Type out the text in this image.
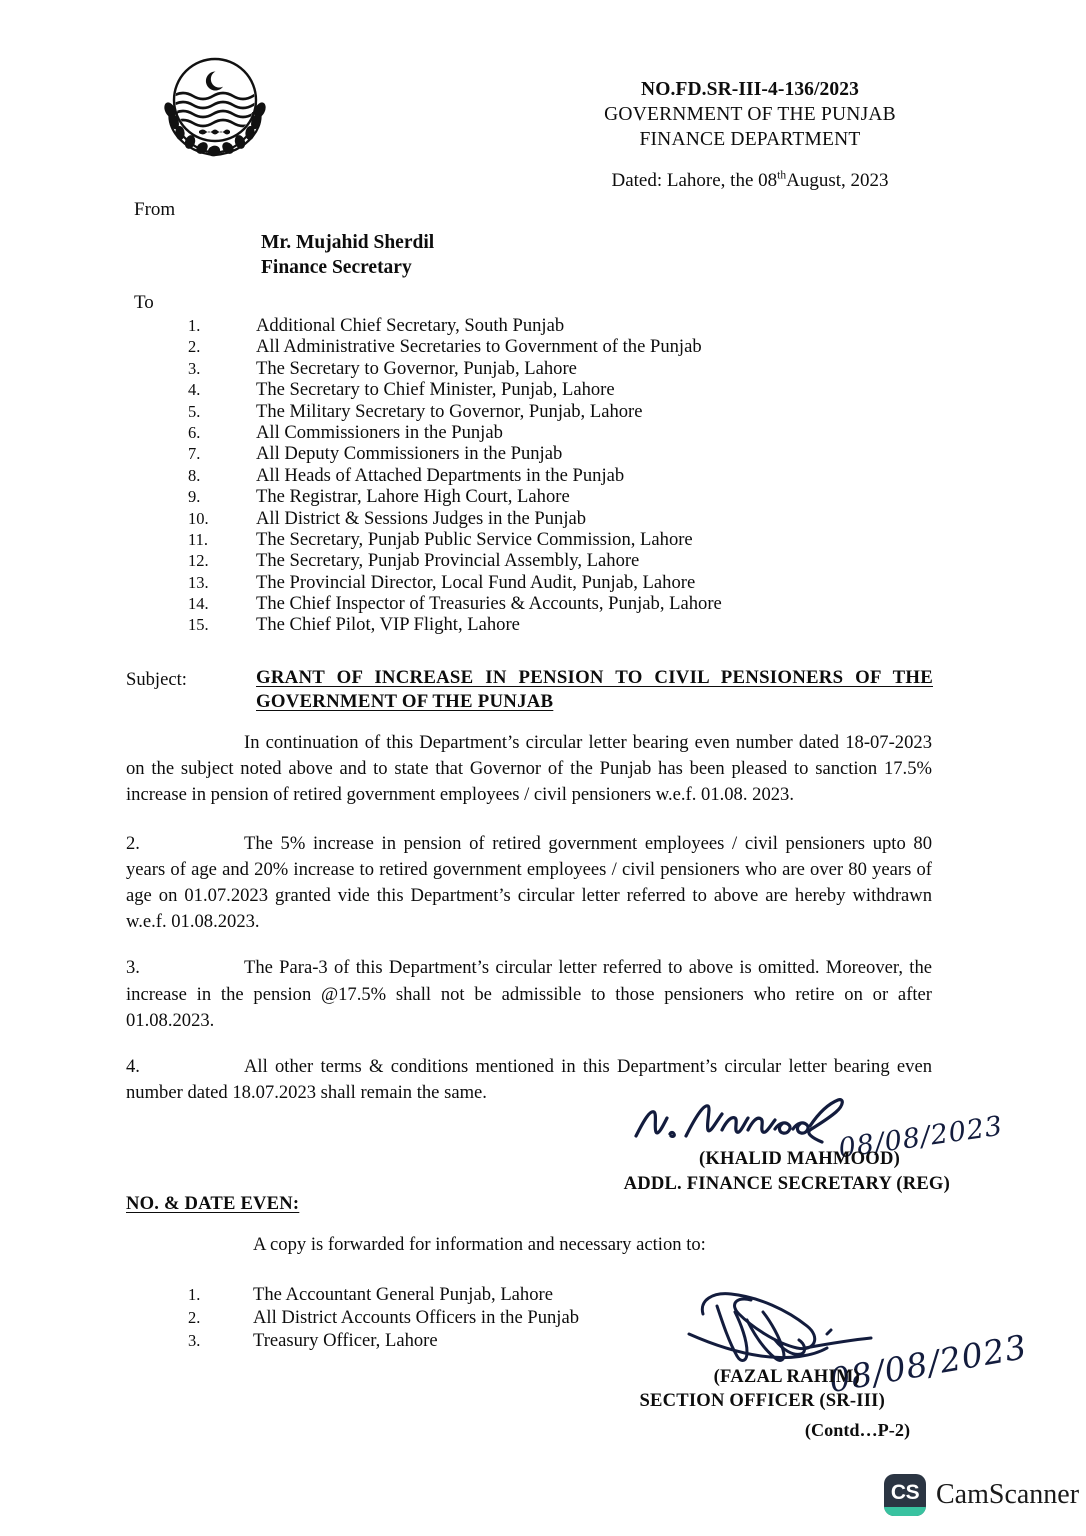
NO.FD.SR-III-4-136/2023
GOVERNMENT OF THE PUNJAB
FINANCE DEPARTMENT
Dated: Lahore, the 08thAugust, 2023
From
Mr. Mujahid Sherdil
Finance Secretary
To
1.	Additional Chief Secretary, South Punjab
2.	All Administrative Secretaries to Government of the Punjab
3.	The Secretary to Governor, Punjab, Lahore
4.	The Secretary to Chief Minister, Punjab, Lahore
5.	The Military Secretary to Governor, Punjab, Lahore
6.	All Commissioners in the Punjab
7.	All Deputy Commissioners in the Punjab
8.	All Heads of Attached Departments in the Punjab
9.	The Registrar, Lahore High Court, Lahore
10.	All District & Sessions Judges in the Punjab
11.	The Secretary, Punjab Public Service Commission, Lahore
12.	The Secretary, Punjab Provincial Assembly, Lahore
13.	The Provincial Director, Local Fund Audit, Punjab, Lahore
14.	The Chief Inspector of Treasuries & Accounts, Punjab, Lahore
15.	The Chief Pilot, VIP Flight, Lahore
Subject:	GRANT OF INCREASE IN PENSION TO CIVIL PENSIONERS OF THE
GOVERNMENT OF THE PUNJAB

In continuation of this Department’s circular letter bearing even number dated 18-07-2023 on the subject noted above and to state that Governor of the Punjab has been pleased to sanction 17.5% increase in pension of retired government employees / civil pensioners w.e.f. 01.08. 2023.

2.	The 5% increase in pension of retired government employees / civil pensioners upto 80 years of age and 20% increase to retired government employees / civil pensioners who are over 80 years of age on 01.07.2023 granted vide this Department’s circular letter referred to above are hereby withdrawn w.e.f. 01.08.2023.

3.	The Para-3 of this Department’s circular letter referred to above is omitted. Moreover, the increase in the pension @17.5% shall not be admissible to those pensioners who retire on or after 01.08.2023.

4.	All other terms & conditions mentioned in this Department’s circular letter bearing even number dated 18.07.2023 shall remain the same.

08/08/2023
(KHALID MAHMOOD)
ADDL. FINANCE SECRETARY (REG)
NO. & DATE EVEN:
A copy is forwarded for information and necessary action to:
1.	The Accountant General Punjab, Lahore
2.	All District Accounts Officers in the Punjab
3.	Treasury Officer, Lahore	08/08/2023
(FAZAL RAHIM)
SECTION OFFICER (SR-III)
(Contd…P-2)
CS CamScanner
